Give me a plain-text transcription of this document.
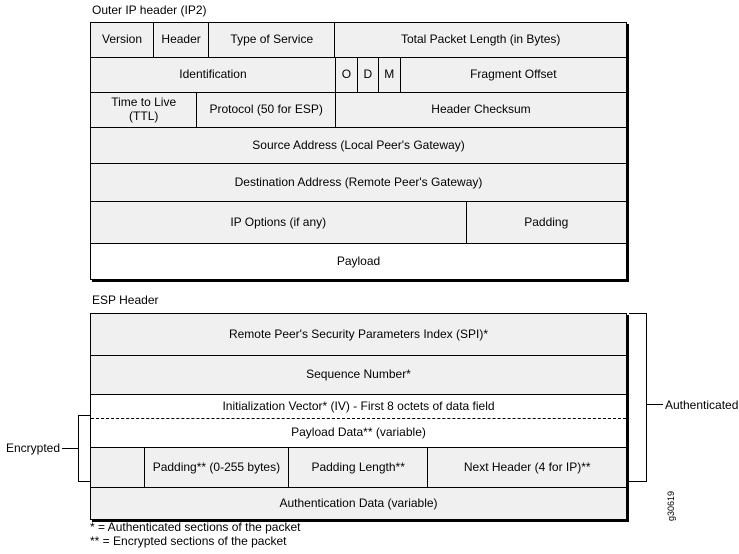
Outer IP header (IP2)
Version	Header	Type of Service	Total Packet Length (in Bytes)
Identification	O	D	M	Fragment Offset
Time to Live (TTL)	Protocol (50 for ESP)	Header Checksum
Source Address (Local Peer's Gateway)
Destination Address (Remote Peer's Gateway)
IP Options (if any)	Padding
Payload
ESP Header
Remote Peer's Security Parameters Index (SPI)*
Sequence Number*
Initialization Vector* (IV) - First 8 octets of data field
Payload Data** (variable)
Padding** (0-255 bytes)	Padding Length**	Next Header (4 for IP)**
Authentication Data (variable)
Encrypted
Authenticated
g30619
* = Authenticated sections of the packet
** = Encrypted sections of the packet
